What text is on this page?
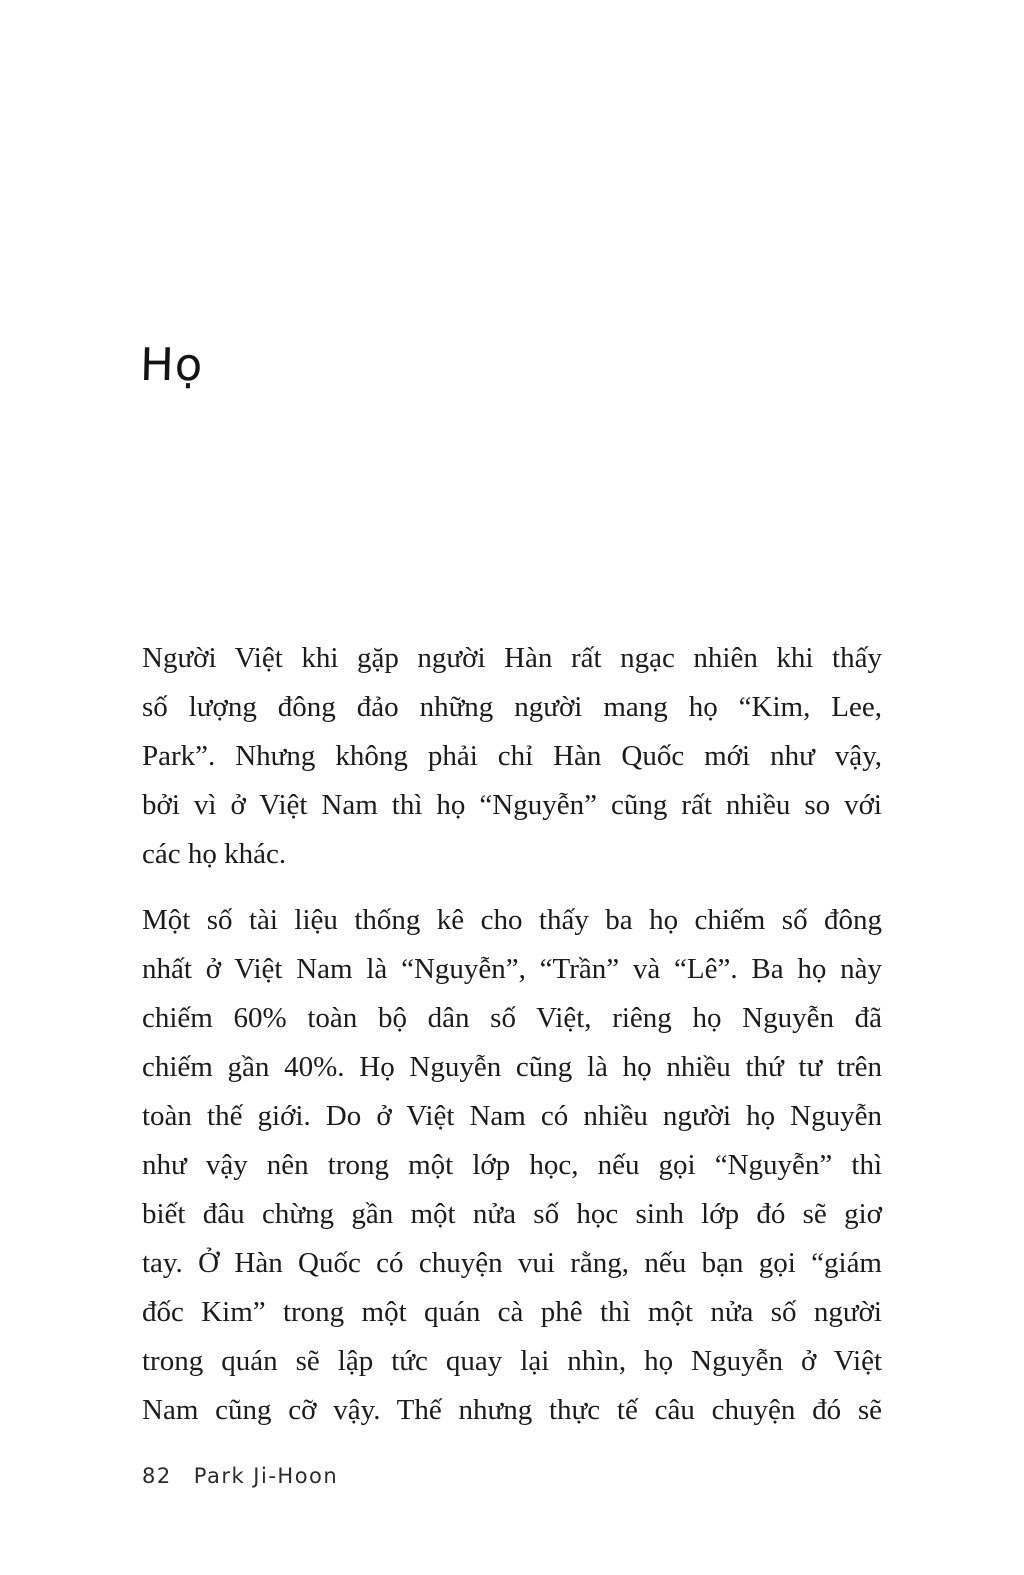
Họ
Người Việt khi gặp người Hàn rất ngạc nhiên khi thấy
số lượng đông đảo những người mang họ “Kim, Lee,
Park”. Nhưng không phải chỉ Hàn Quốc mới như vậy,
bởi vì ở Việt Nam thì họ “Nguyễn” cũng rất nhiều so với
các họ khác.
Một số tài liệu thống kê cho thấy ba họ chiếm số đông
nhất ở Việt Nam là “Nguyễn”, “Trần” và “Lê”. Ba họ này
chiếm 60% toàn bộ dân số Việt, riêng họ Nguyễn đã
chiếm gần 40%. Họ Nguyễn cũng là họ nhiều thứ tư trên
toàn thế giới. Do ở Việt Nam có nhiều người họ Nguyễn
như vậy nên trong một lớp học, nếu gọi “Nguyễn” thì
biết đâu chừng gần một nửa số học sinh lớp đó sẽ giơ
tay. Ở Hàn Quốc có chuyện vui rằng, nếu bạn gọi “giám
đốc Kim” trong một quán cà phê thì một nửa số người
trong quán sẽ lập tức quay lại nhìn, họ Nguyễn ở Việt
Nam cũng cỡ vậy. Thế nhưng thực tế câu chuyện đó sẽ
82 Park Ji-Hoon
